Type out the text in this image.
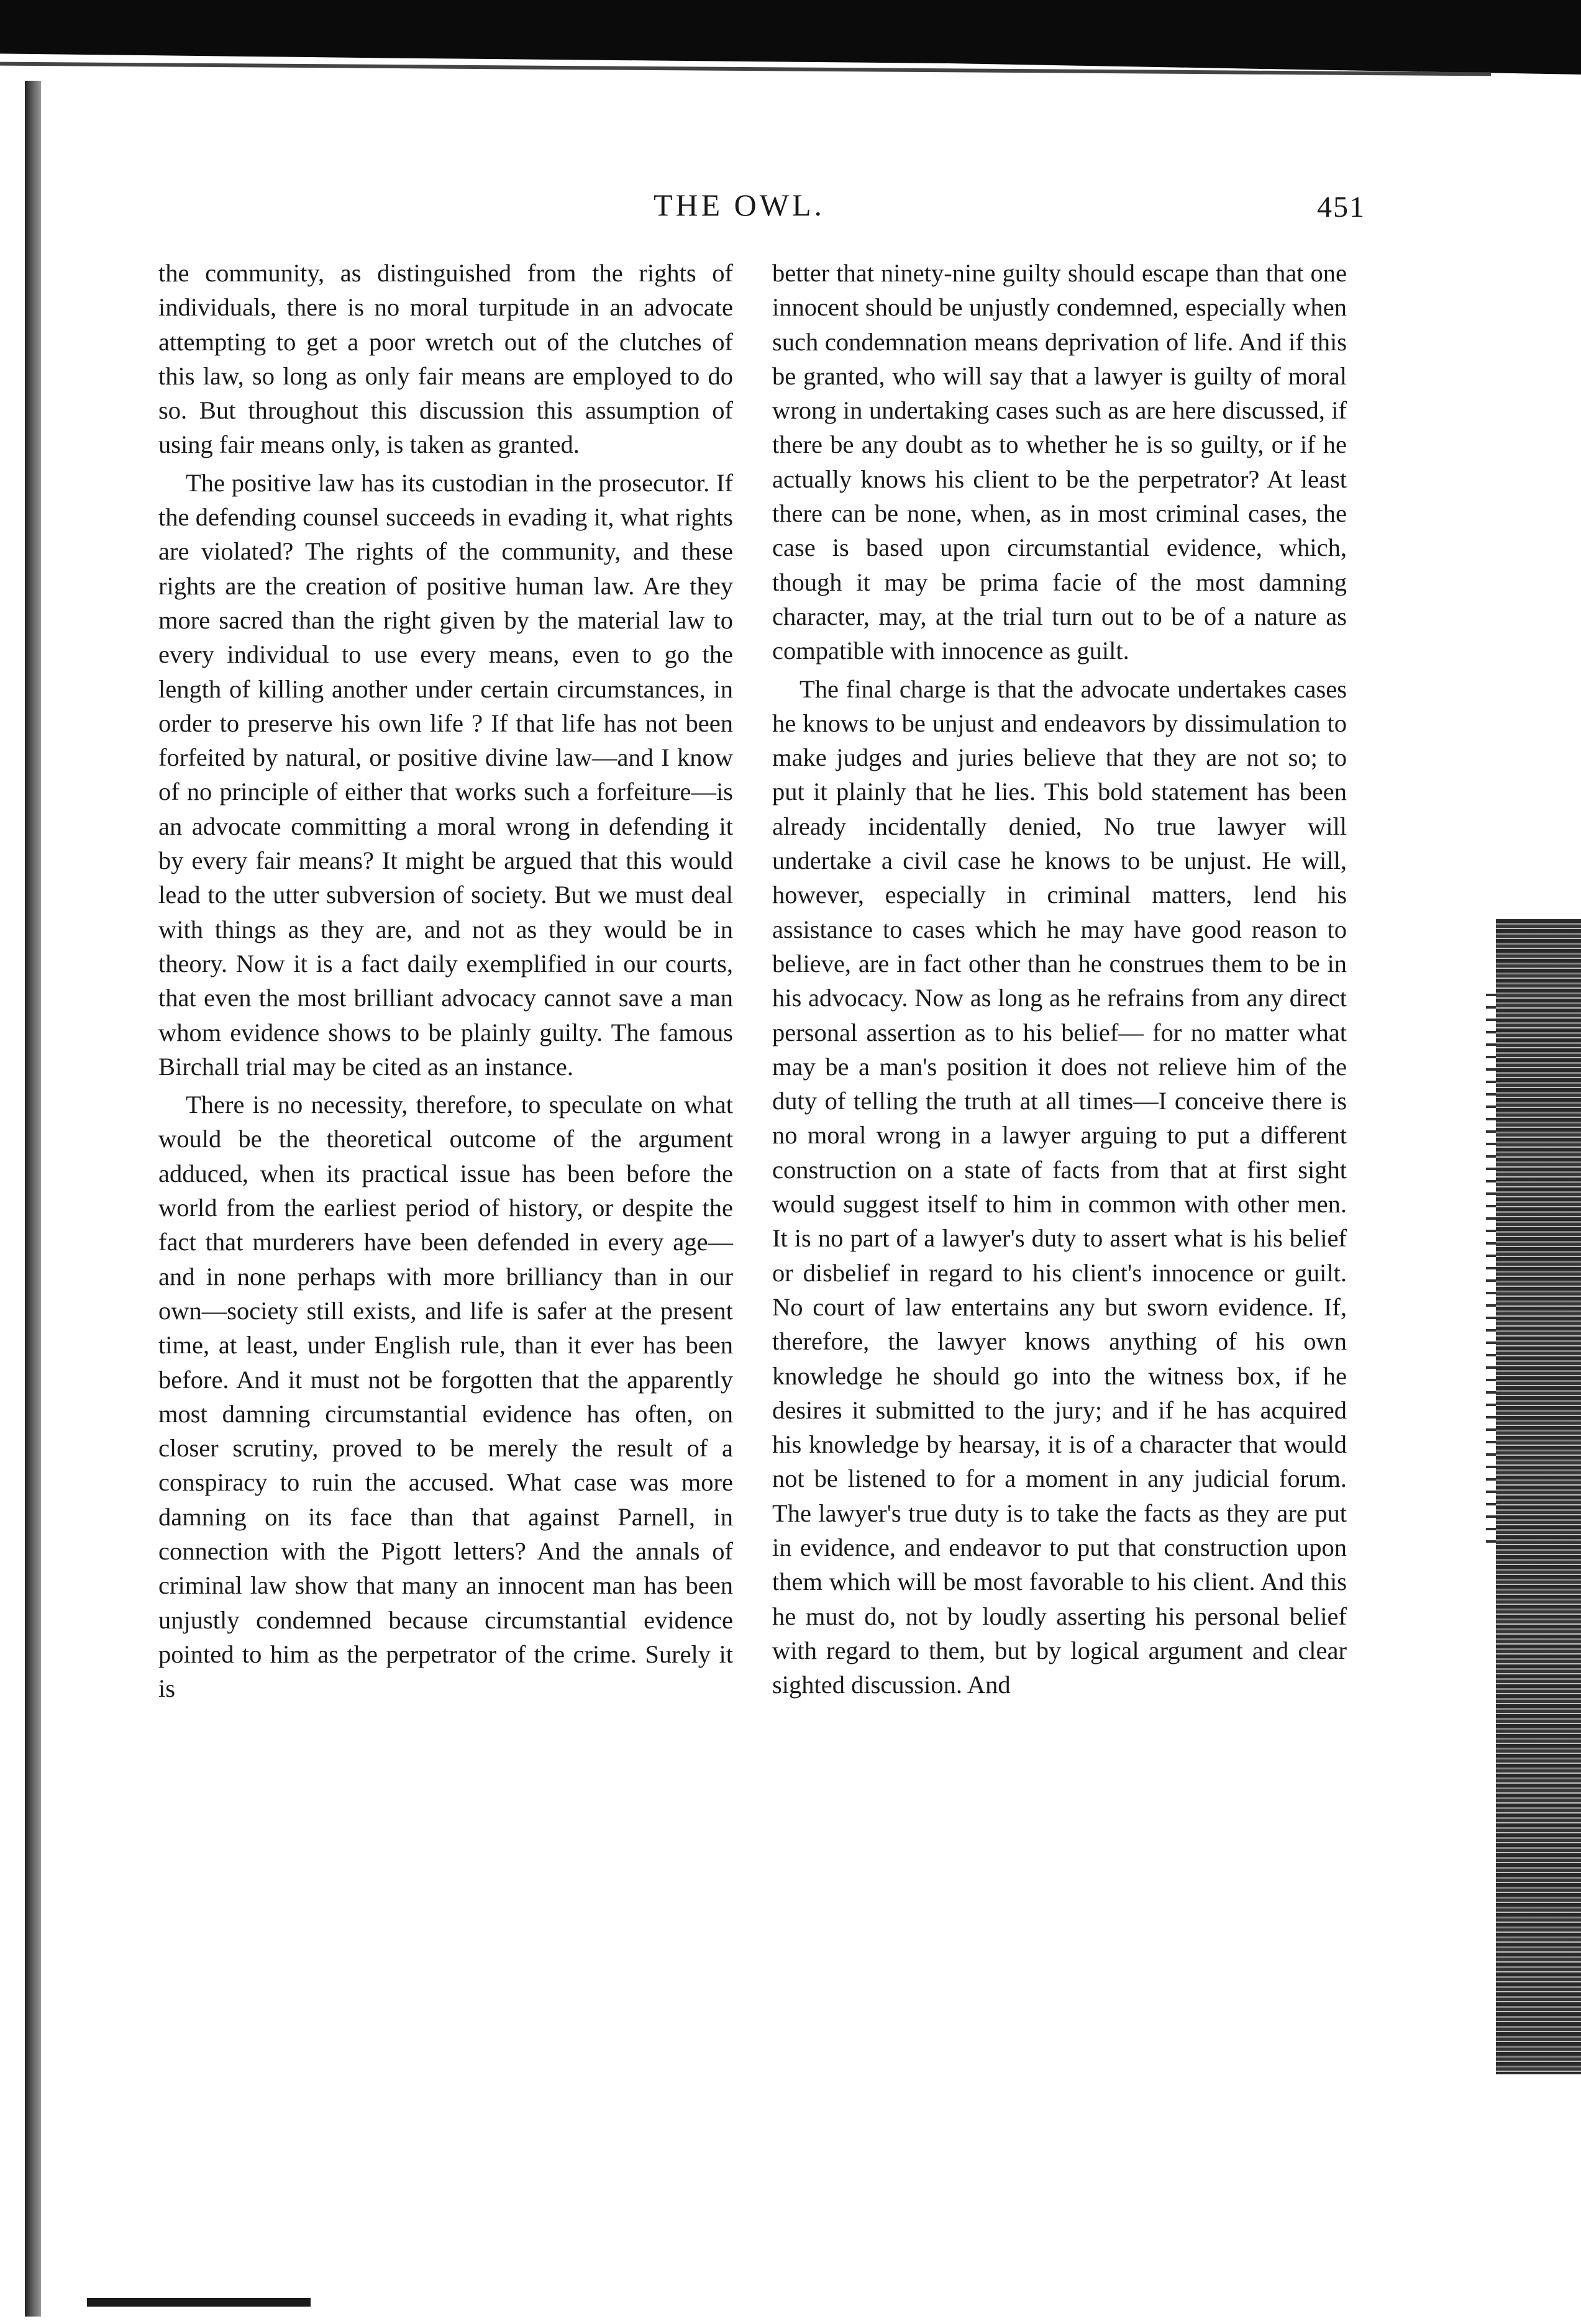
THE OWL.	451

the community, as distinguished from the rights of individuals, there is no moral turpitude in an advocate attempting to get a poor wretch out of the clutches of this law, so long as only fair means are employed to do so. But throughout this discussion this assumption of using fair means only, is taken as granted.

The positive law has its custodian in the prosecutor. If the defending counsel succeeds in evading it, what rights are violated? The rights of the community, and these rights are the creation of positive human law. Are they more sacred than the right given by the material law to every individual to use every means, even to go the length of killing another under certain circumstances, in order to preserve his own life ? If that life has not been forfeited by natural, or positive divine law—and I know of no principle of either that works such a forfeiture—is an advocate committing a moral wrong in defending it by every fair means? It might be argued that this would lead to the utter subversion of society. But we must deal with things as they are, and not as they would be in theory. Now it is a fact daily exemplified in our courts, that even the most brilliant advocacy cannot save a man whom evidence shows to be plainly guilty. The famous Birchall trial may be cited as an instance.

There is no necessity, therefore, to speculate on what would be the theoretical outcome of the argument adduced, when its practical issue has been before the world from the earliest period of history, or despite the fact that murderers have been defended in every age—and in none perhaps with more brilliancy than in our own—society still exists, and life is safer at the present time, at least, under English rule, than it ever has been before. And it must not be forgotten that the apparently most damning circumstantial evidence has often, on closer scrutiny, proved to be merely the result of a conspiracy to ruin the accused. What case was more damning on its face than that against Parnell, in connection with the Pigott letters? And the annals of criminal law show that many an innocent man has been unjustly condemned because circumstantial evidence pointed to him as the perpetrator of the crime. Surely it is

better that ninety-nine guilty should escape than that one innocent should be unjustly condemned, especially when such condemnation means deprivation of life. And if this be granted, who will say that a lawyer is guilty of moral wrong in undertaking cases such as are here discussed, if there be any doubt as to whether he is so guilty, or if he actually knows his client to be the perpetrator? At least there can be none, when, as in most criminal cases, the case is based upon circumstantial evidence, which, though it may be prima facie of the most damning character, may, at the trial turn out to be of a nature as compatible with innocence as guilt.

The final charge is that the advocate undertakes cases he knows to be unjust and endeavors by dissimulation to make judges and juries believe that they are not so; to put it plainly that he lies. This bold statement has been already incidentally denied, No true lawyer will undertake a civil case he knows to be unjust. He will, however, especially in criminal matters, lend his assistance to cases which he may have good reason to believe, are in fact other than he construes them to be in his advocacy. Now as long as he refrains from any direct personal assertion as to his belief— for no matter what may be a man's position it does not relieve him of the duty of telling the truth at all times—I conceive there is no moral wrong in a lawyer arguing to put a different construction on a state of facts from that at first sight would suggest itself to him in common with other men. It is no part of a lawyer's duty to assert what is his belief or disbelief in regard to his client's innocence or guilt. No court of law entertains any but sworn evidence. If, therefore, the lawyer knows anything of his own knowledge he should go into the witness box, if he desires it submitted to the jury; and if he has acquired his knowledge by hearsay, it is of a character that would not be listened to for a moment in any judicial forum. The lawyer's true duty is to take the facts as they are put in evidence, and endeavor to put that construction upon them which will be most favorable to his client. And this he must do, not by loudly asserting his personal belief with regard to them, but by logical argument and clear sighted discussion. And
